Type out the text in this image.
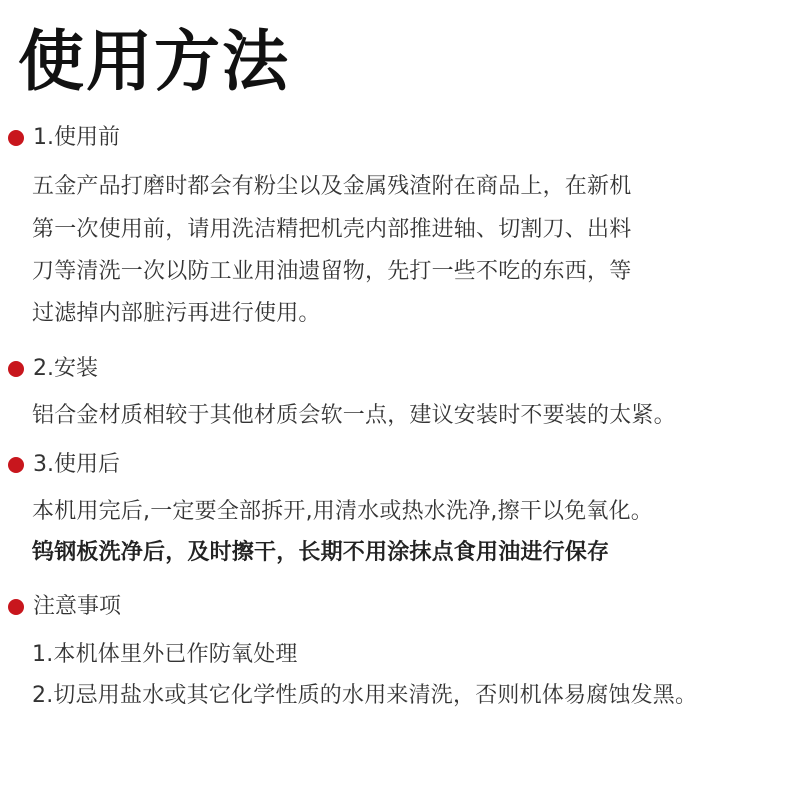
使用方法
1.使用前
五金产品打磨时都会有粉尘以及金属残渣附在商品上，在新机
第一次使用前，请用洗洁精把机壳内部推进轴、切割刀、出料
刀等清洗一次以防工业用油遗留物，先打一些不吃的东西，等
过滤掉内部脏污再进行使用。
2.安装
铝合金材质相较于其他材质会软一点，建议安装时不要装的太紧。
3.使用后
本机用完后,一定要全部拆开,用清水或热水洗净,擦干以免氧化。
钨钢板洗净后，及时擦干，长期不用涂抹点食用油进行保存
注意事项
1.本机体里外已作防氧处理
2.切忌用盐水或其它化学性质的水用来清洗，否则机体易腐蚀发黑。
